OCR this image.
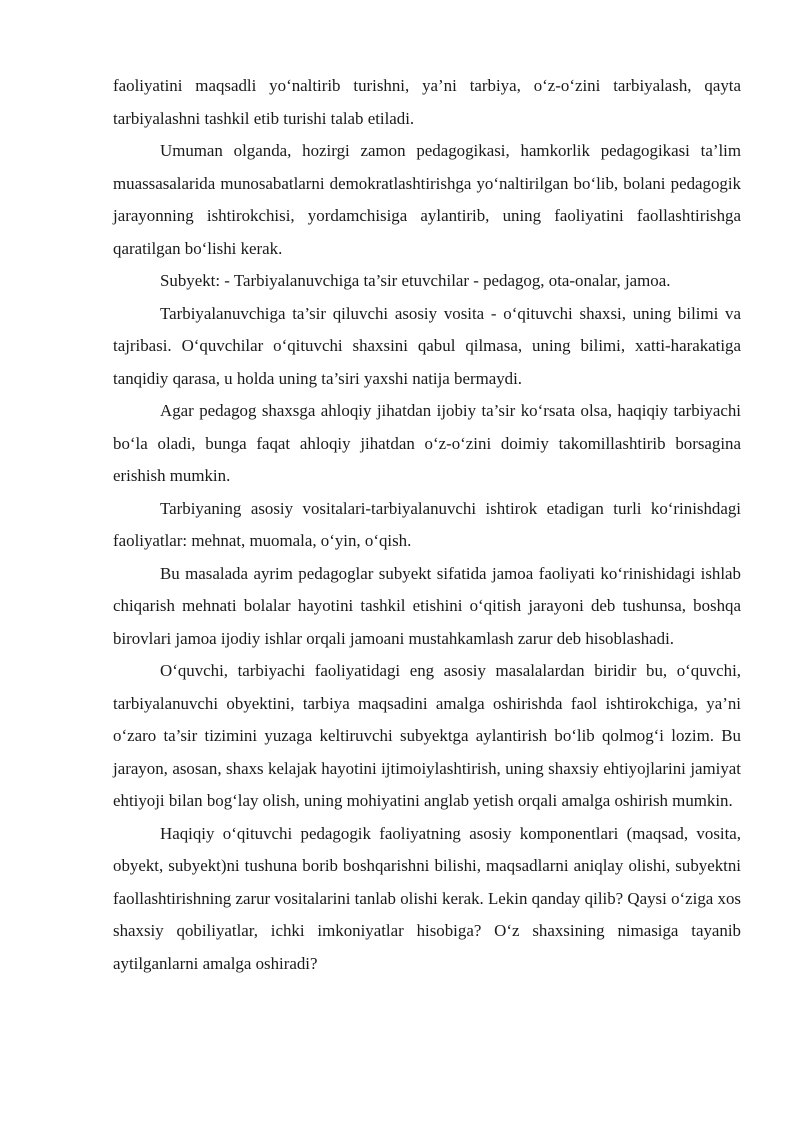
faoliyatini maqsadli yo‘naltirib turishni, ya’ni tarbiya, o‘z-o‘zini tarbiyalash, qayta tarbiyalashni tashkil etib turishi talab etiladi.

Umuman olganda, hozirgi zamon pedagogikasi, hamkorlik pedagogikasi ta’lim muassasalarida munosabatlarni demokratlashtirishga yo‘naltirilgan bo‘lib, bolani pedagogik jarayonning ishtirokchisi, yordamchisiga aylantirib, uning faoliyatini faollashtirishga qaratilgan bo‘lishi kerak.

Subyekt: - Tarbiyalanuvchiga ta’sir etuvchilar - pedagog, ota-onalar, jamoa.

Tarbiyalanuvchiga ta’sir qiluvchi asosiy vosita - o‘qituvchi shaxsi, uning bilimi va tajribasi. O‘quvchilar o‘qituvchi shaxsini qabul qilmasa, uning bilimi, xatti-harakatiga tanqidiy qarasa, u holda uning ta’siri yaxshi natija bermaydi.

Agar pedagog shaxsga ahloqiy jihatdan ijobiy ta’sir ko‘rsata olsa, haqiqiy tarbiyachi bo‘la oladi, bunga faqat ahloqiy jihatdan o‘z-o‘zini doimiy takomillashtirib borsagina erishish mumkin.

Tarbiyaning asosiy vositalari-tarbiyalanuvchi ishtirok etadigan turli ko‘rinishdagi faoliyatlar: mehnat, muomala, o‘yin, o‘qish.

Bu masalada ayrim pedagoglar subyekt sifatida jamoa faoliyati ko‘rinishidagi ishlab chiqarish mehnati bolalar hayotini tashkil etishini o‘qitish jarayoni deb tushunsa, boshqa birovlari jamoa ijodiy ishlar orqali jamoani mustahkamlash zarur deb hisoblashadi.

O‘quvchi, tarbiyachi faoliyatidagi eng asosiy masalalardan biridir bu, o‘quvchi, tarbiyalanuvchi obyektini, tarbiya maqsadini amalga oshirishda faol ishtirokchiga, ya’ni o‘zaro ta’sir tizimini yuzaga keltiruvchi subyektga aylantirish bo‘lib qolmog‘i lozim. Bu jarayon, asosan, shaxs kelajak hayotini ijtimoiylashtirish, uning shaxsiy ehtiyojlarini jamiyat ehtiyoji bilan bog‘lay olish, uning mohiyatini anglab yetish orqali amalga oshirish mumkin.

Haqiqiy o‘qituvchi pedagogik faoliyatning asosiy komponentlari (maqsad, vosita, obyekt, subyekt)ni tushuna borib boshqarishni bilishi, maqsadlarni aniqlay olishi, subyektni faollashtirishning zarur vositalarini tanlab olishi kerak. Lekin qanday qilib? Qaysi o‘ziga xos shaxsiy qobiliyatlar, ichki imkoniyatlar hisobiga? O‘z shaxsining nimasiga tayanib aytilganlarni amalga oshiradi?
